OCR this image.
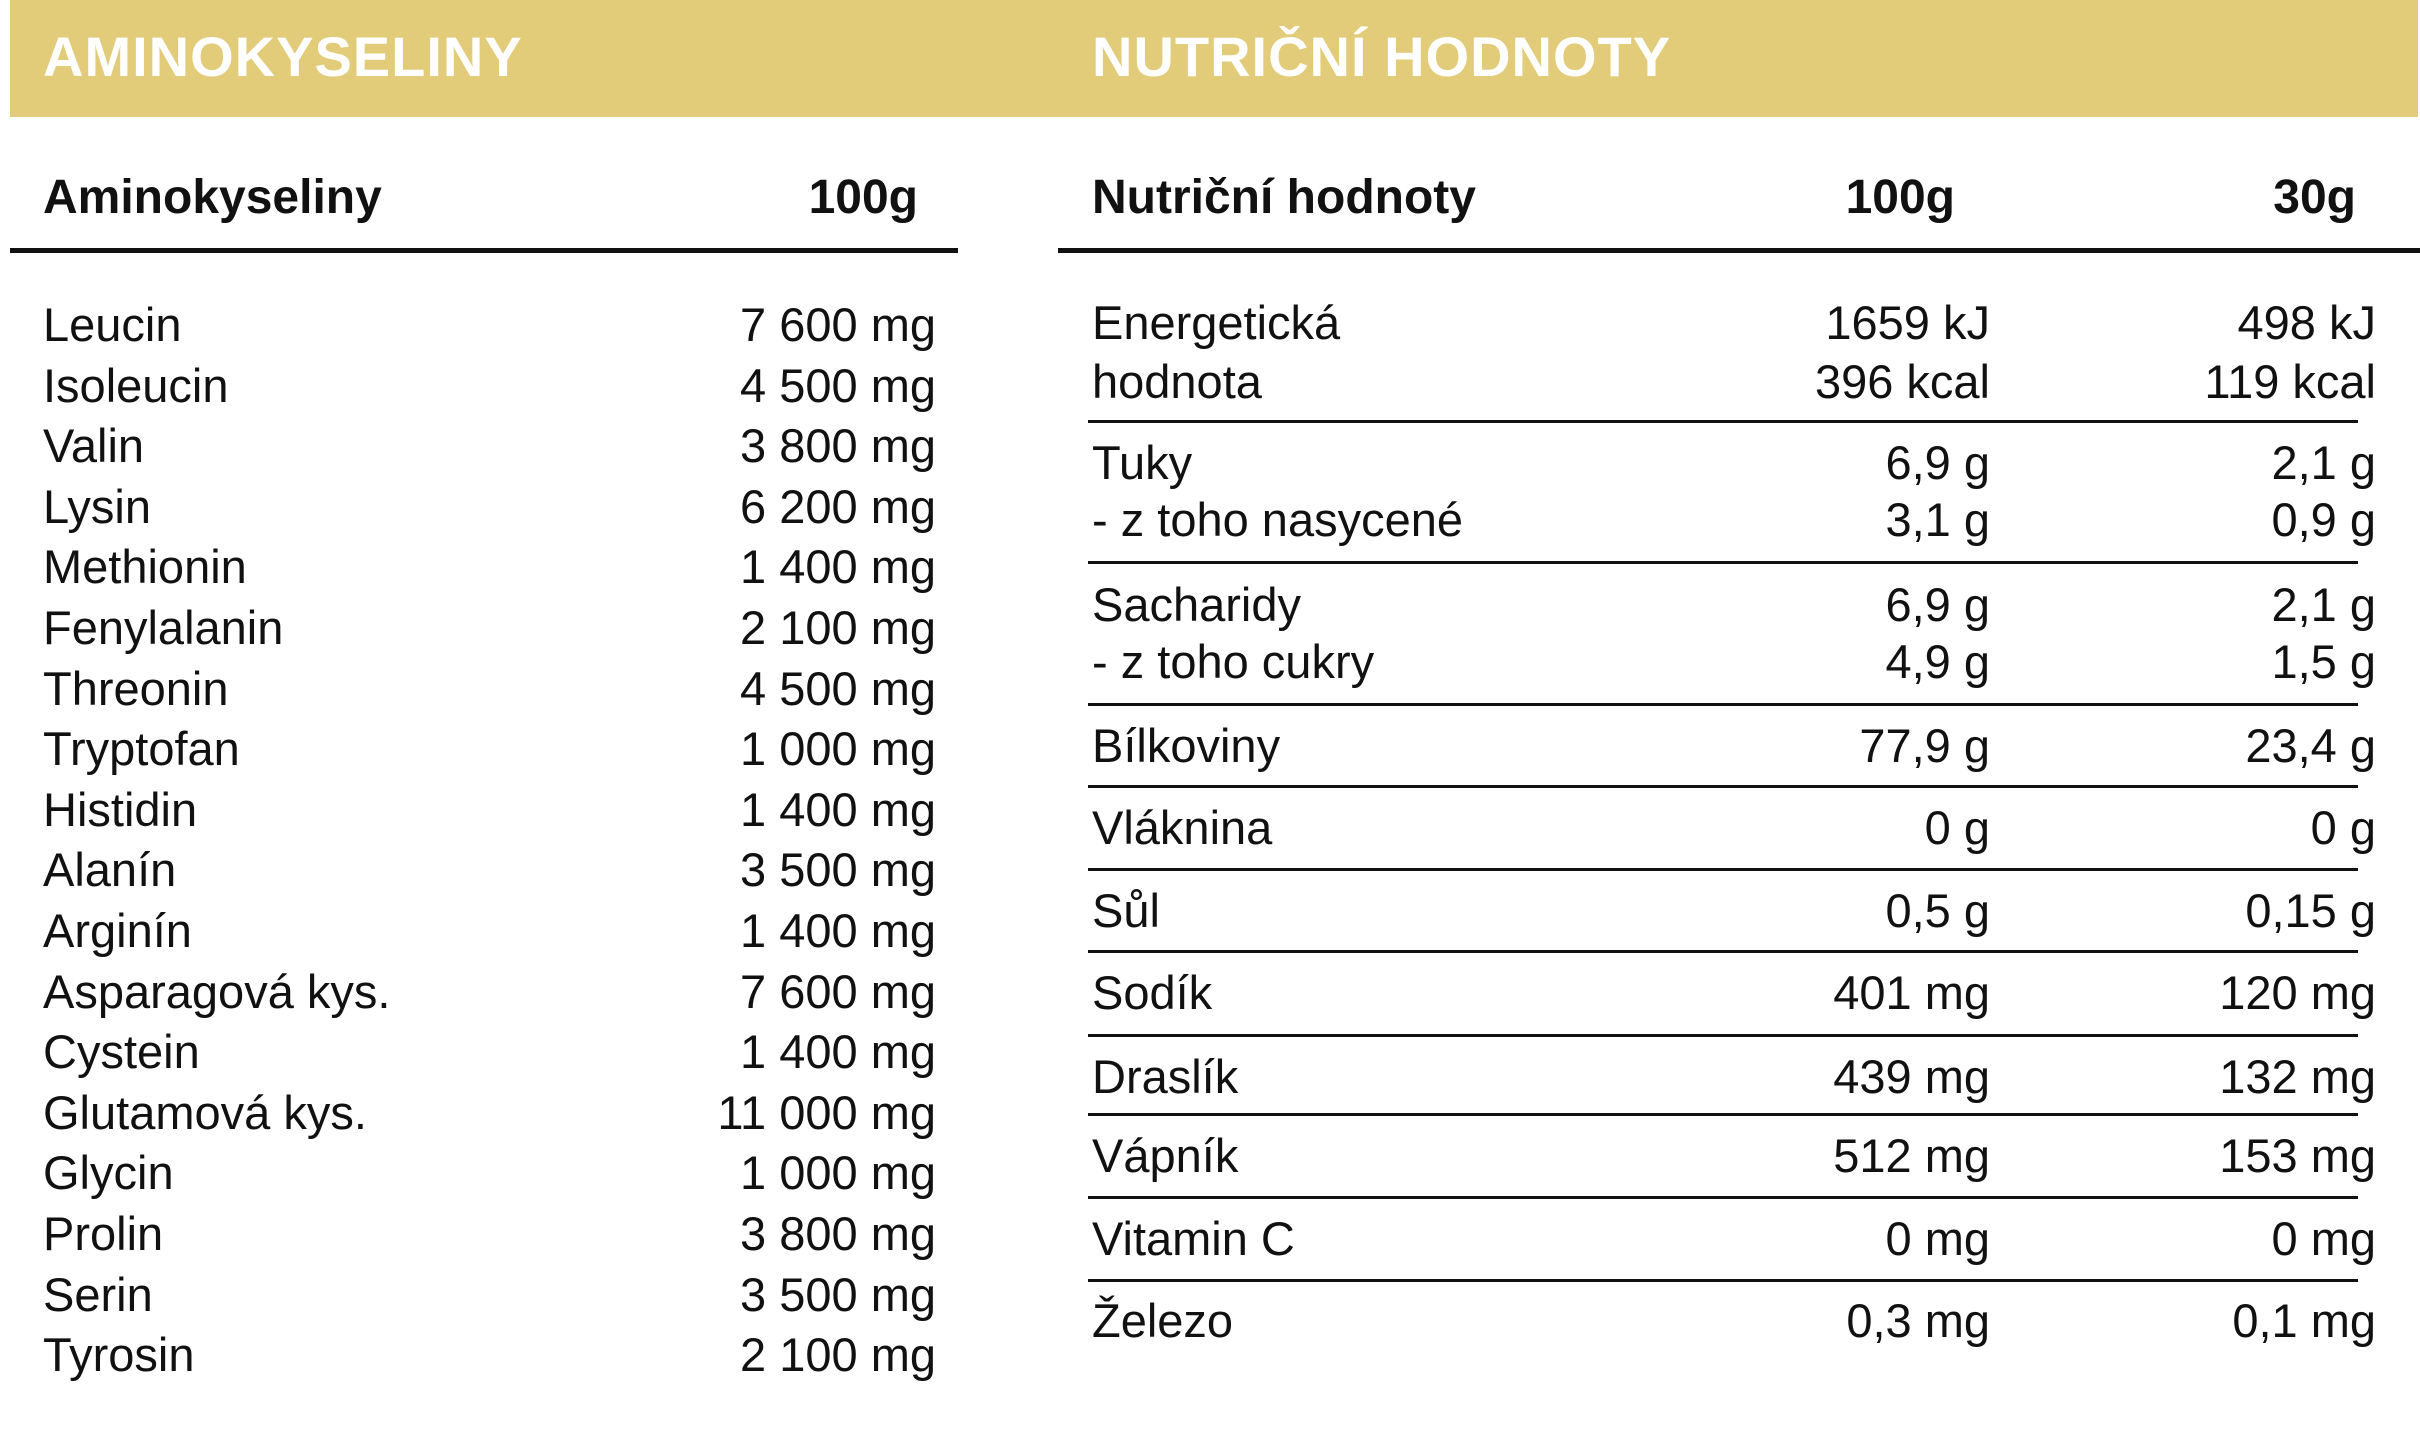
AMINOKYSELINY	NUTRIČNÍ HODNOTY
Aminokyseliny	100g
Leucin	7 600 mg
Isoleucin	4 500 mg
Valin	3 800 mg
Lysin	6 200 mg
Methionin	1 400 mg
Fenylalanin	2 100 mg
Threonin	4 500 mg
Tryptofan	1 000 mg
Histidin	1 400 mg
Alanín	3 500 mg
Arginín	1 400 mg
Asparagová kys.	7 600 mg
Cystein	1 400 mg
Glutamová kys.	11 000 mg
Glycin	1 000 mg
Prolin	3 800 mg
Serin	3 500 mg
Tyrosin	2 100 mg
Nutriční hodnoty	100g	30g
Energetická	1659 kJ	498 kJ
hodnota	396 kcal	119 kcal
Tuky	6,9 g	2,1 g
- z toho nasycené	3,1 g	0,9 g
Sacharidy	6,9 g	2,1 g
- z toho cukry	4,9 g	1,5 g
Bílkoviny	77,9 g	23,4 g
Vláknina	0 g	0 g
Sůl	0,5 g	0,15 g
Sodík	401 mg	120 mg
Draslík	439 mg	132 mg
Vápník	512 mg	153 mg
Vitamin C	0 mg	0 mg
Železo	0,3 mg	0,1 mg
